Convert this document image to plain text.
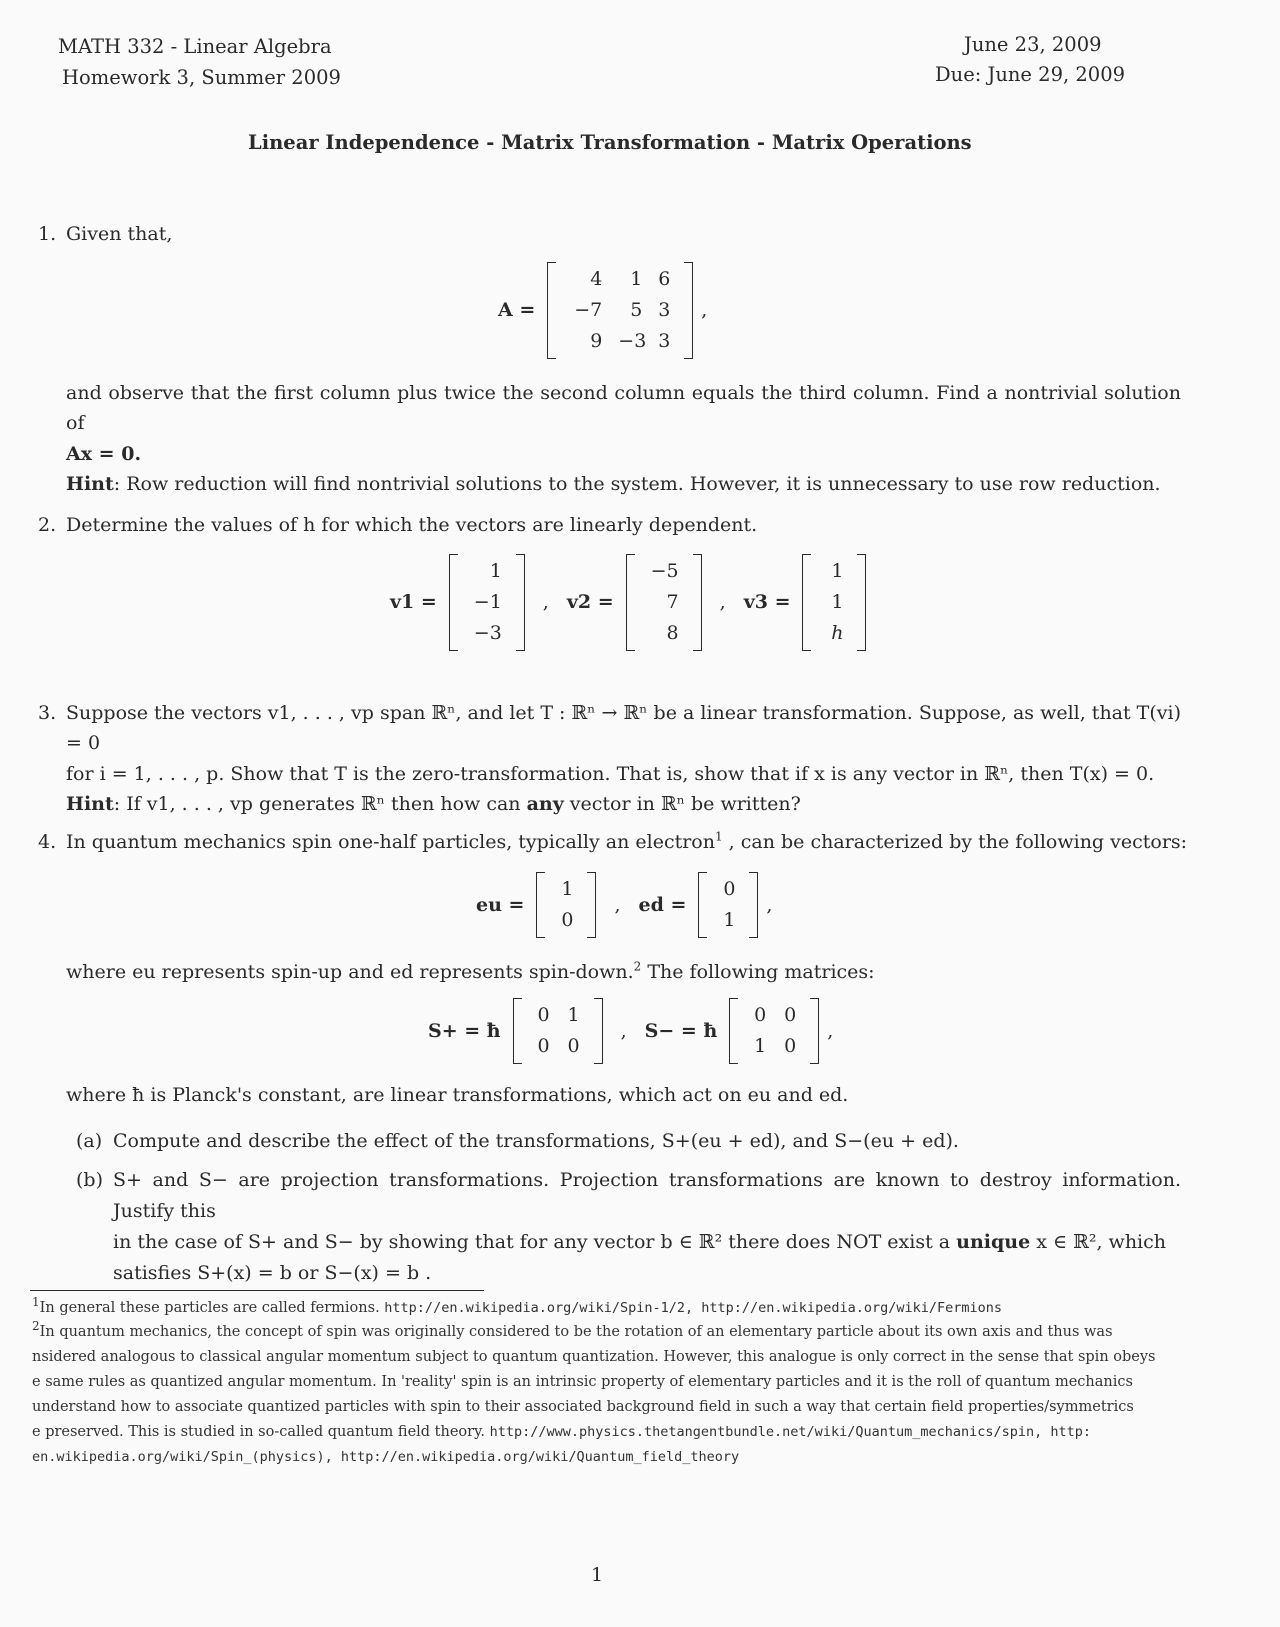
MATH 332 - Linear Algebra
Homework 3, Summer 2009
June 23, 2009
Due: June 29, 2009
Linear Independence - Matrix Transformation - Matrix Operations
1. Given that,
A =
4	1 6
−7	5 3
9 −3 3
,
and observe that the first column plus twice the second column equals the third column. Find a nontrivial solution of
Ax = 0.
Hint: Row reduction will find nontrivial solutions to the system. However, it is unnecessary to use row reduction.
2. Determine the values of h for which the vectors are linearly dependent.
v1 =
1
−1
−3
, v2 =
−5
7
8
, v3 =
1
1
h
3. Suppose the vectors v1, . . . , vp span ℝⁿ, and let T : ℝⁿ → ℝⁿ be a linear transformation. Suppose, as well, that T(vi) = 0
for i = 1, . . . , p. Show that T is the zero-transformation. That is, show that if x is any vector in ℝⁿ, then T(x) = 0.
Hint: If v1, . . . , vp generates ℝⁿ then how can any vector in ℝⁿ be written?
4. In quantum mechanics spin one-half particles, typically an electron$^1$ , can be characterized by the following vectors:
eu =
1
0
, ed =
0
1
,
where eu represents spin-up and ed represents spin-down.$^2$ The following matrices:
S+ = ħ
0 1
0 0
, S− = ħ
0 0
1 0
,
where ħ is Planck's constant, are linear transformations, which act on eu and ed.
(a) Compute and describe the effect of the transformations, S+(eu + ed), and S−(eu + ed).
(b) S+ and S− are projection transformations. Projection transformations are known to destroy information. Justify this
in the case of S+ and S− by showing that for any vector b ∈ ℝ² there does NOT exist a unique x ∈ ℝ², which
satisfies S+(x) = b or S−(x) = b .
$^1$In general these particles are called fermions. http://en.wikipedia.org/wiki/Spin-1/2, http://en.wikipedia.org/wiki/Fermions
$^2$In quantum mechanics, the concept of spin was originally considered to be the rotation of an elementary particle about its own axis and thus was
nsidered analogous to classical angular momentum subject to quantum quantization. However, this analogue is only correct in the sense that spin obeys
e same rules as quantized angular momentum. In 'reality' spin is an intrinsic property of elementary particles and it is the roll of quantum mechanics
understand how to associate quantized particles with spin to their associated background field in such a way that certain field properties/symmetrics
e preserved. This is studied in so-called quantum field theory. http://www.physics.thetangentbundle.net/wiki/Quantum_mechanics/spin, http:
en.wikipedia.org/wiki/Spin_(physics), http://en.wikipedia.org/wiki/Quantum_field_theory
1
